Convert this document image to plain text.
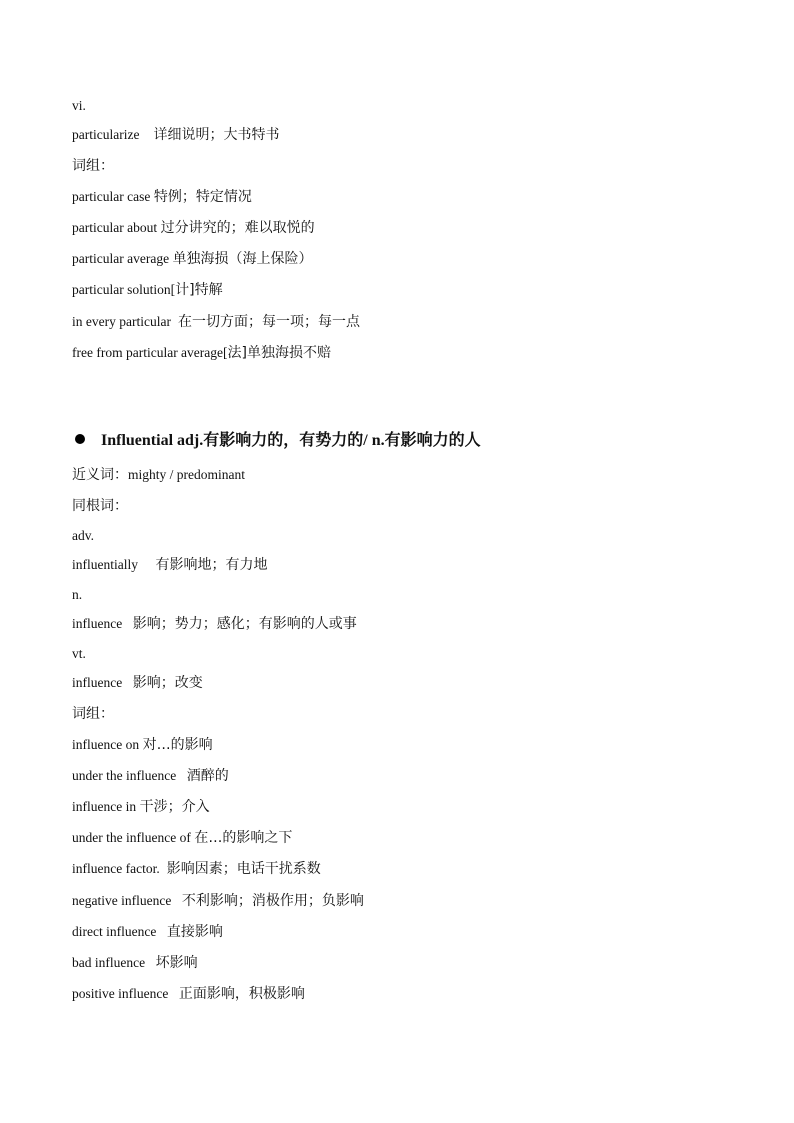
vi.
particularize 详细说明；大书特书
词组：
particular case 特例；特定情况
particular about 过分讲究的；难以取悦的
particular average 单独海损（海上保险）
particular solution[计]特解
in every particular 在一切方面；每一项；每一点
free from particular average[法]单独海损不赔
Influential adj.有影响力的，有势力的/ n.有影响力的人
近义词：mighty / predominant
同根词：
adv.
influentially 有影响地；有力地
n.
influence 影响；势力；感化；有影响的人或事
vt.
influence 影响；改变
词组：
influence on 对…的影响
under the influence 酒醉的
influence in 干涉；介入
under the influence of 在…的影响之下
influence factor. 影响因素；电话干扰系数
negative influence 不利影响；消极作用；负影响
direct influence 直接影响
bad influence 坏影响
positive influence 正面影响，积极影响
